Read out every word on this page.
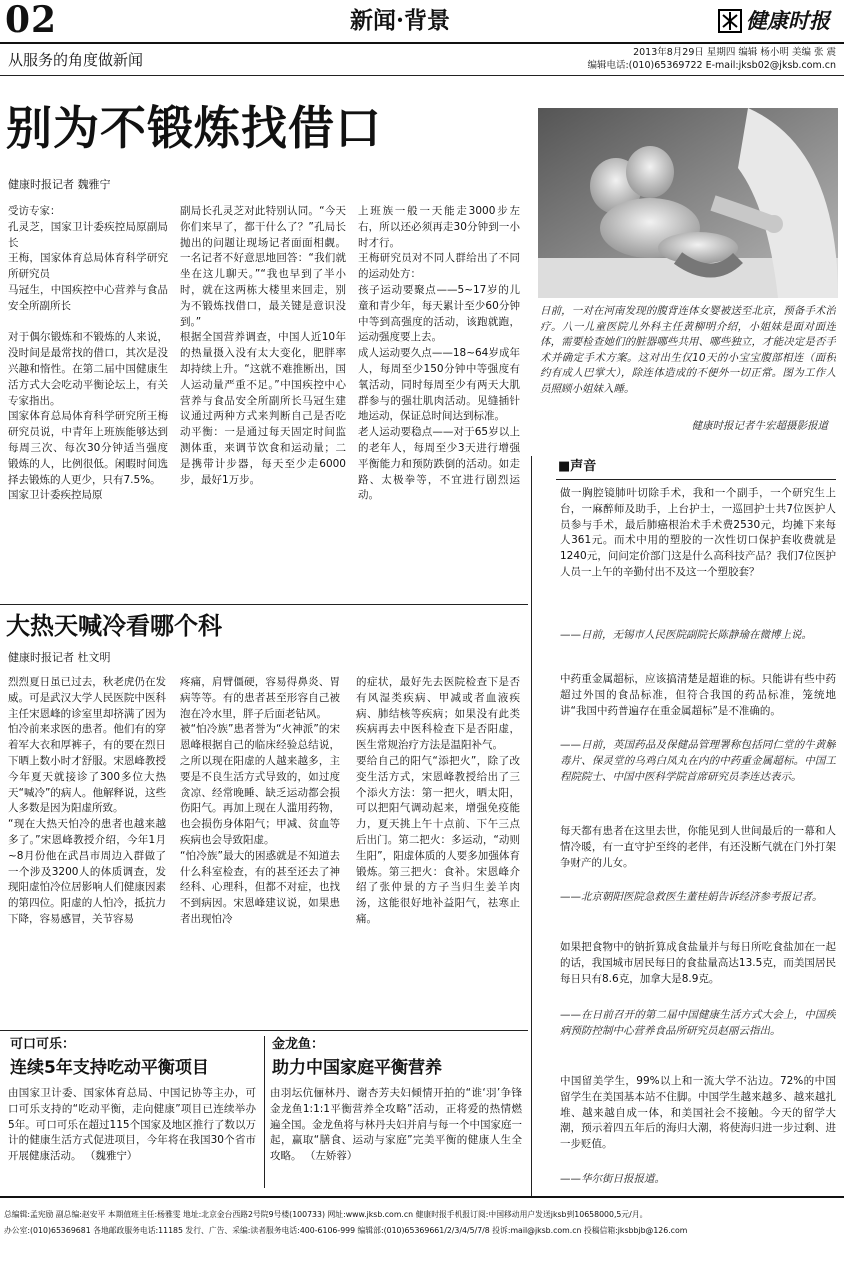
02	新闻·背景	健康时报
从服务的角度做新闻	2013年8月29日 星期四 编辑 杨小明 美编 张 震
编辑电话:(010)65369722 E-mail:jksb02@jksb.com.cn
别为不锻炼找借口
健康时报记者 魏雅宁
受访专家：
孔灵芝，国家卫计委疾控局原副局长
王梅，国家体育总局体育科学研究所研究员
马冠生，中国疾控中心营养与食品安全所副所长

对于偶尔锻炼和不锻炼的人来说，没时间是最常找的借口，其次是没兴趣和惰性。在第二届中国健康生活方式大会吃动平衡论坛上，有关专家指出。
国家体育总局体育科学研究所王梅研究员说，中青年上班族能够达到每周三次、每次30分钟适当强度锻炼的人，比例很低。闲暇时间选择去锻炼的人更少，只有7.5%。
国家卫计委疾控局原
副局长孔灵芝对此特别认同。“今天你们来早了，都干什么了？”孔局长抛出的问题让现场记者面面相觑。一名记者不好意思地回答：“我们就坐在这儿聊天。”“我也早到了半小时，就在这两栋大楼里来回走，别为不锻炼找借口，最关键是意识没到。”
根据全国营养调查，中国人近10年的热量摄入没有太大变化，肥胖率却持续上升。“这就不难推断出，国人运动量严重不足。”中国疾控中心营养与食品安全所副所长马冠生建议通过两种方式来判断自己是否吃动平衡：一是通过每天固定时间监测体重，来调节饮食和运动量；二是携带计步器，每天至少走6000步，最好1万步。
上班族一般一天能走3000步左右，所以还必须再走30分钟到一小时才行。
王梅研究员对不同人群给出了不同的运动处方：
孩子运动要聚点——5~17岁的儿童和青少年，每天累计至少60分钟中等到高强度的活动，该跑就跑，运动强度要上去。
成人运动要久点——18~64岁成年人，每周至少150分钟中等强度有氧活动，同时每周至少有两天大肌群参与的强壮肌肉活动。见缝插针地运动，保证总时间达到标准。
老人运动要稳点——对于65岁以上的老年人，每周至少3天进行增强平衡能力和预防跌倒的活动。如走路、太极拳等，不宜进行剧烈运动。
日前，一对在河南发现的腹背连体女婴被送至北京，预备手术治疗。八一儿童医院儿外科主任黄柳明介绍，小姐妹是面对面连体，需要检查她们的脏器哪些共用、哪些独立，才能决定是否手术并确定手术方案。这对出生仅10天的小宝宝腹部相连（面积约有成人巴掌大），除连体造成的不便外一切正常。图为工作人员照顾小姐妹入睡。
健康时报记者牛宏超摄影报道
■声音
做一胸腔镜肺叶切除手术，我和一个副手，一个研究生上台，一麻醉师及助手，上台护士，一巡回护士共7位医护人员参与手术，最后肺癌根治术手术费2530元，均摊下来每人361元。而术中用的塑胶的一次性切口保护套收费就是1240元，问问定价部门这是什么高科技产品？我们7位医护人员一上午的辛勤付出不及这一个塑胶套？
——日前，无锡市人民医院副院长陈静瑜在微博上说。
中药重金属超标，应该搞清楚是超谁的标。只能讲有些中药超过外国的食品标准，但符合我国的药品标准，笼统地讲“我国中药普遍存在重金属超标”是不准确的。
——日前，英国药品及保健品管理署称包括同仁堂的牛黄解毒片、保灵堂的乌鸡白凤丸在内的中药重金属超标。中国工程院院士、中国中医科学院首席研究员李连达表示。
每天都有患者在这里去世，你能见到人世间最后的一幕和人情冷暖，有一直守护至终的老伴，有还没断气就在门外打架争财产的儿女。
——北京朝阳医院急救医生董桂娟告诉经济参考报记者。
如果把食物中的钠折算成食盐量并与每日所吃食盐加在一起的话，我国城市居民每日的食盐量高达13.5克，而美国居民每日只有8.6克，加拿大是8.9克。
——在日前召开的第二届中国健康生活方式大会上，中国疾病预防控制中心营养食品所研究员赵丽云指出。
中国留美学生，99%以上和一流大学不沾边。72%的中国留学生在美国基本站不住脚。中国学生越来越多、越来越扎堆、越来越自成一体，和美国社会不接触。今天的留学大潮，预示着四五年后的海归大潮，将使海归进一步过剩、进一步贬值。
——华尔街日报报道。
大热天喊冷看哪个科
健康时报记者 杜文明
烈烈夏日虽已过去，秋老虎仍在发威。可是武汉大学人民医院中医科主任宋恩峰的诊室里却挤满了因为怕冷前来求医的患者。他们有的穿着军大衣和厚裤子，有的要在烈日下晒上数小时才舒服。宋恩峰教授今年夏天就接诊了300多位大热天“喊冷”的病人。他解释说，这些人多数是因为阳虚所致。
“现在大热天怕冷的患者也越来越多了。”宋恩峰教授介绍，今年1月~8月份他在武昌市周边入群做了一个涉及3200人的体质调查，发现阳虚怕冷位居影响人们健康因素的第四位。阳虚的人怕冷，抵抗力下降，容易感冒，关节容易
疼痛，肩臂僵硬，容易得鼻炎、胃病等等。有的患者甚至形容自己被泡在冷水里，胖子后面老钻风。
被“怕冷族”患者誉为“火神派”的宋恩峰根据自己的临床经验总结说，之所以现在阳虚的人越来越多，主要是不良生活方式导致的，如过度贪凉、经常晚睡、缺乏运动都会损伤阳气。再加上现在人滥用药物，也会损伤身体阳气；甲减、贫血等疾病也会导致阳虚。
“怕冷族”最大的困惑就是不知道去什么科室检查，有的甚至还去了神经科、心理科，但都不对症，也找不到病因。宋恩峰建议说，如果患者出现怕冷
的症状，最好先去医院检查下是否有风湿类疾病、甲减或者血液疾病、肺结核等疾病；如果没有此类疾病再去中医科检查下是否阳虚，医生常规治疗方法是温阳补气。
要给自己的阳气“添把火”，除了改变生活方式，宋恩峰教授给出了三个添火方法：第一把火，晒太阳，可以把阳气调动起来，增强免疫能力，夏天挑上午十点前、下午三点后出门。第二把火：多运动，“动则生阳”，阳虚体质的人要多加强体育锻炼。第三把火：食补。宋恩峰介绍了张仲景的方子当归生姜羊肉汤，这能很好地补益阳气，祛寒止痛。
可口可乐：
连续5年支持吃动平衡项目
由国家卫计委、国家体育总局、中国记协等主办，可口可乐支持的“吃动平衡，走向健康”项目已连续举办5年。可口可乐在超过115个国家及地区推行了数以万计的健康生活方式促进项目，今年将在我国30个省市开展健康活动。 （魏雅宁）
金龙鱼：
助力中国家庭平衡营养
由羽坛伉俪林丹、谢杏芳夫妇倾情开拍的“谁‘羽’争锋金龙鱼1:1:1平衡营养全攻略”活动，正将爱的热情燃遍全国。金龙鱼将与林丹夫妇并肩与每一个中国家庭一起，赢取“膳食、运动与家庭”完美平衡的健康人生全攻略。 （左娇蓉）
总编辑:孟宪励 副总编:赵安平 本期值班主任:杨雅雯 地址:北京金台西路2号院9号楼(100733) 网址:www.jksb.com.cn 健康时报手机报订阅:中国移动用户发送jksb到10658000,5元/月。
办公室:(010)65369681 各地邮政服务电话:11185 发行、广告、采编:读者服务电话:400-6106-999 编辑部:(010)65369661/2/3/4/5/7/8 投诉:mail@jksb.com.cn 投稿信箱:jksbbjb@126.com
